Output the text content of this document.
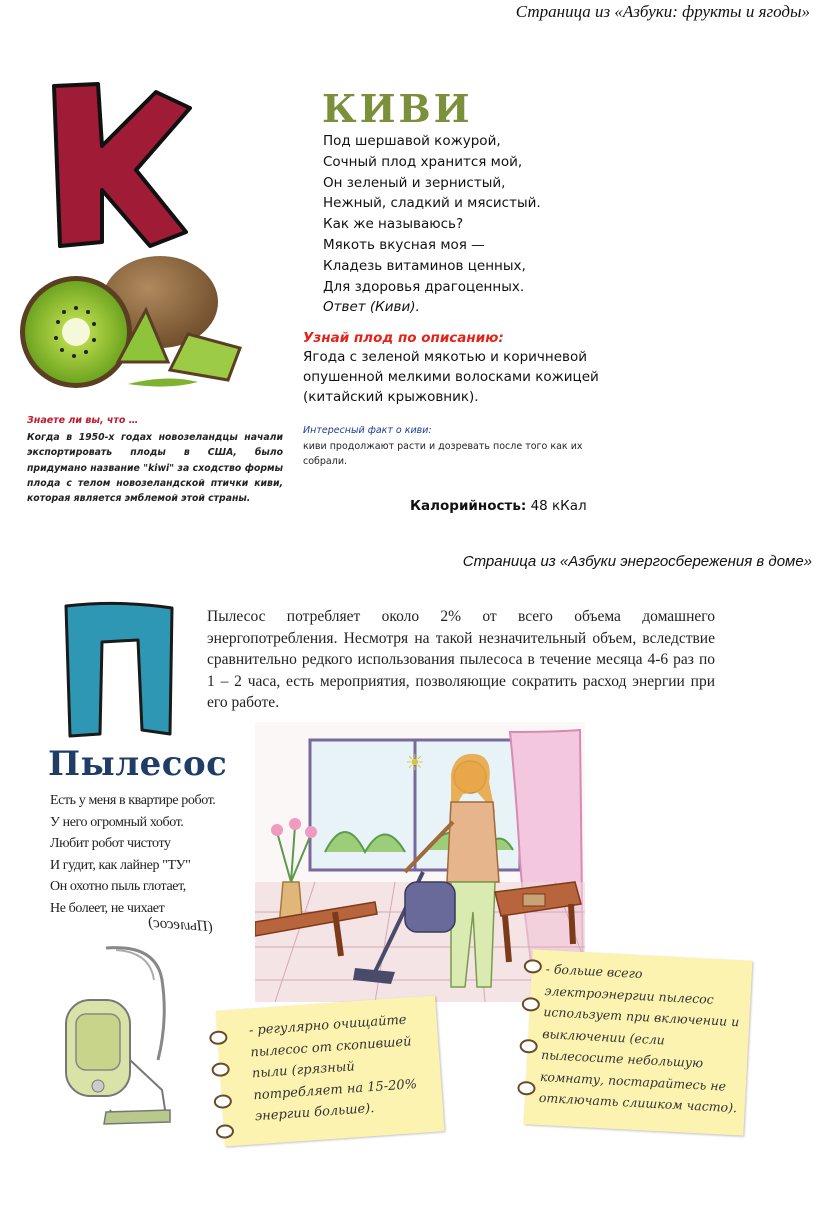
Страница из «Азбуки: фрукты и ягоды»
КИВИ
Под шершавой кожурой,
Сочный плод хранится мой,
Он зеленый и зернистый,
Нежный, сладкий и мясистый.
Как же называюсь?
Мякоть вкусная моя —
Кладезь витаминов ценных,
Для здоровья драгоценных.
Ответ (Киви).
Узнай плод по описанию:
Ягода с зеленой мякотью и коричневой опушенной мелкими волосками кожицей (китайский крыжовник).
Знаете ли вы, что …
Когда в 1950-х годах новозеландцы начали экспортировать плоды в США, было придумано название "kiwi" за сходство формы плода с телом новозеландской птички киви, которая является эмблемой этой страны.
Интересный факт о киви:
киви продолжают расти и дозревать после того как их собрали.
Калорийность: 48 кКал
Страница из «Азбуки энергосбережения в доме»
Пылесос потребляет около 2% от всего объема домашнего энергопотребления. Несмотря на такой незначительный объем, вследствие сравнительно редкого использования пылесоса в течение месяца 4-6 раз по 1 – 2 часа, есть мероприятия, позволяющие сократить расход энергии при его работе.
Пылесос
Есть у меня в квартире робот.
У него огромный хобот.
Любит робот чистоту
И гудит, как лайнер "ТУ"
Он охотно пыль глотает,
Не болеет, не чихает
(Пылесос)
☀
- регулярно очищайте пылесос от скопившей пыли (грязный потребляет на 15-20% энергии больше).
- больше всего электроэнергии пылесос использует при включении и выключении (если пылесосите небольшую комнату, постарайтесь не отключать слишком часто).
